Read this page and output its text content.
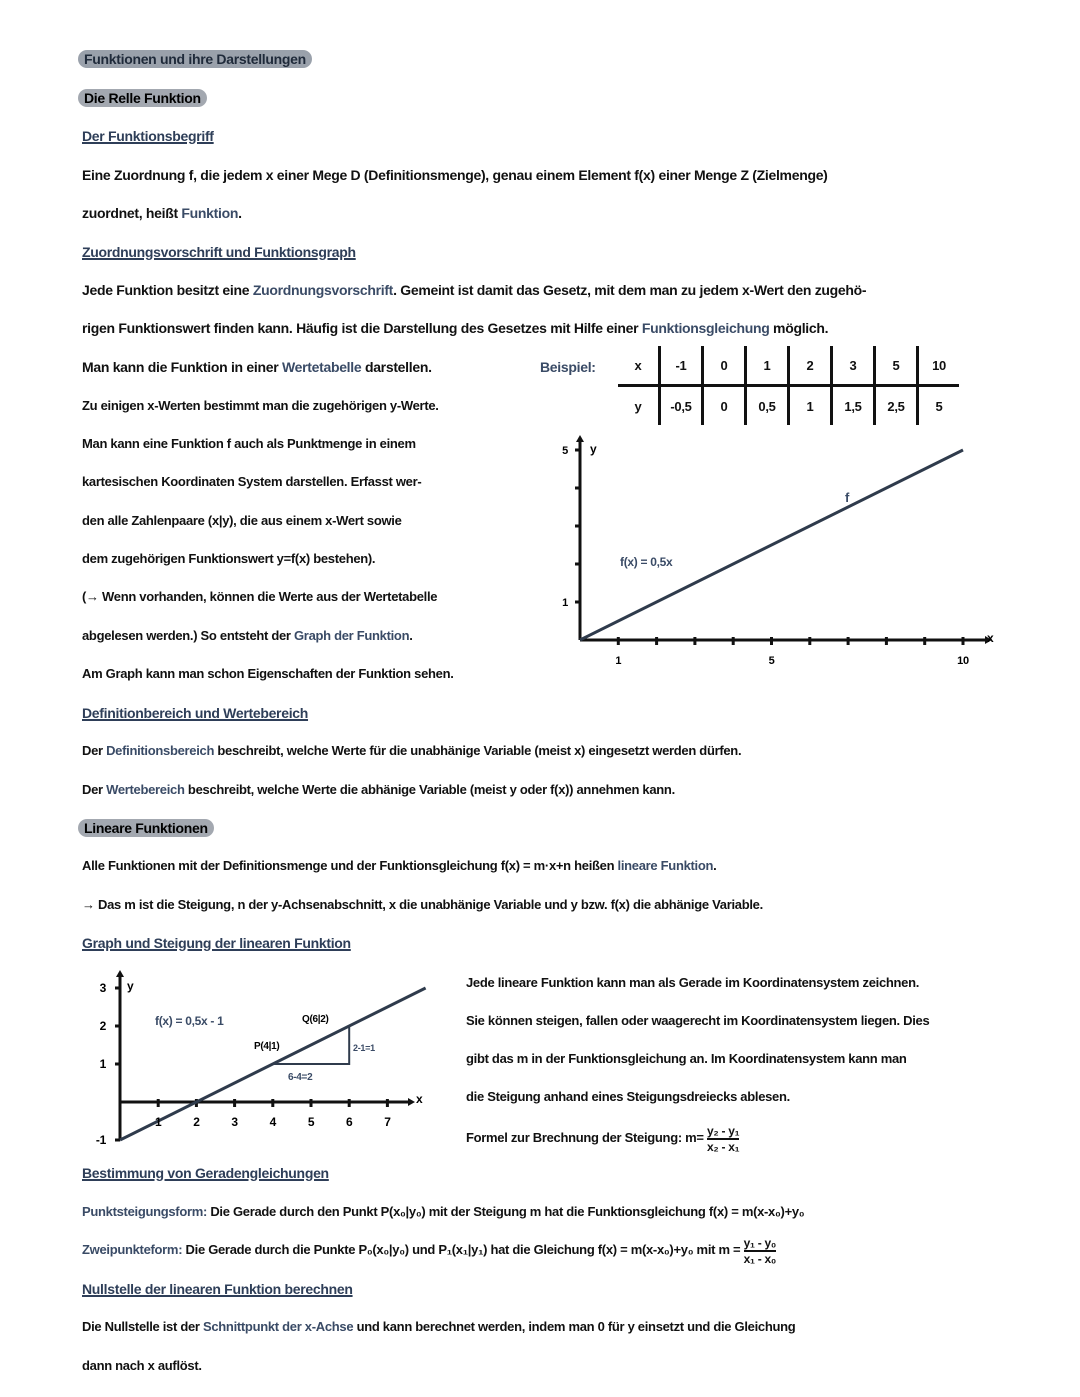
Funktionen und ihre Darstellungen
Die Relle Funktion
Der Funktionsbegriff
Eine Zuordnung f, die jedem x einer Mege D (Definitionsmenge), genau einem Element f(x) einer Menge Z (Zielmenge)
zuordnet, heißt Funktion.
Zuordnungsvorschrift und Funktionsgraph
Jede Funktion besitzt eine Zuordnungsvorschrift. Gemeint ist damit das Gesetz, mit dem man zu jedem x-Wert den zugehö-
rigen Funktionswert finden kann. Häufig ist die Darstellung des Gesetzes mit Hilfe einer Funktionsgleichung möglich.
Man kann die Funktion in einer Wertetabelle darstellen.
Zu einigen x-Werten bestimmt man die zugehörigen y-Werte.
Man kann eine Funktion f auch als Punktmenge in einem
kartesischen Koordinaten System darstellen. Erfasst wer-
den alle Zahlenpaare (x|y), die aus einem x-Wert sowie
dem zugehörigen Funktionswert y=f(x) bestehen).
(→ Wenn vorhanden, können die Werte aus der Wertetabelle
abgelesen werden.) So entsteht der Graph der Funktion.
Am Graph kann man schon Eigenschaften der Funktion sehen.
Beispiel:	x	-1	0	1	2	3	5	10
y	-0,5	0	0,5	1	1,5	2,5	5
1	5	10
1
5 y
x
f(x) = 0,5x
f
Definitionbereich und Wertebereich
Der Definitionsbereich beschreibt, welche Werte für die unabhänige Variable (meist x) eingesetzt werden dürfen.
Der Wertebereich beschreibt, welche Werte die abhänige Variable (meist y oder f(x)) annehmen kann.
Lineare Funktionen
Alle Funktionen mit der Definitionsmenge und der Funktionsgleichung f(x) = m·x+n heißen lineare Funktion.
→ Das m ist die Steigung, n der y-Achsenabschnitt, x die unabhänige Variable und y bzw. f(x) die abhänige Variable.
Graph und Steigung der linearen Funktion
1	2	3	4	5	6	7
3
2
1
-1
y
x
f(x) = 0,5x - 1
P(4|1)
Q(6|2)
6-4=2
2-1=1
Jede lineare Funktion kann man als Gerade im Koordinatensystem zeichnen.
Sie können steigen, fallen oder waagerecht im Koordinatensystem liegen. Dies
gibt das m in der Funktionsgleichung an. Im Koordinatensystem kann man
die Steigung anhand eines Steigungsdreiecks ablesen.
Formel zur Brechnung der Steigung: $m= \frac{\text{y₂ - y₁}}{\text{x₂ - x₁}}$
Bestimmung von Geradengleichungen
Punktsteigungsform: Die Gerade durch den Punkt P(x₀|y₀) mit der Steigung m hat die Funktionsgleichung f(x) = m(x-x₀)+y₀
Zweipunkteform: Die Gerade durch die Punkte P₀(x₀|y₀) und P₁(x₁|y₁) hat die Gleichung f(x) = m(x-x₀)+y₀ mit $m = \frac{\text{y₁ - y₀}}{\text{x₁ - x₀}}$
Nullstelle der linearen Funktion berechnen
Die Nullstelle ist der Schnittpunkt der x-Achse und kann berechnet werden, indem man 0 für y einsetzt und die Gleichung
dann nach x auflöst.
